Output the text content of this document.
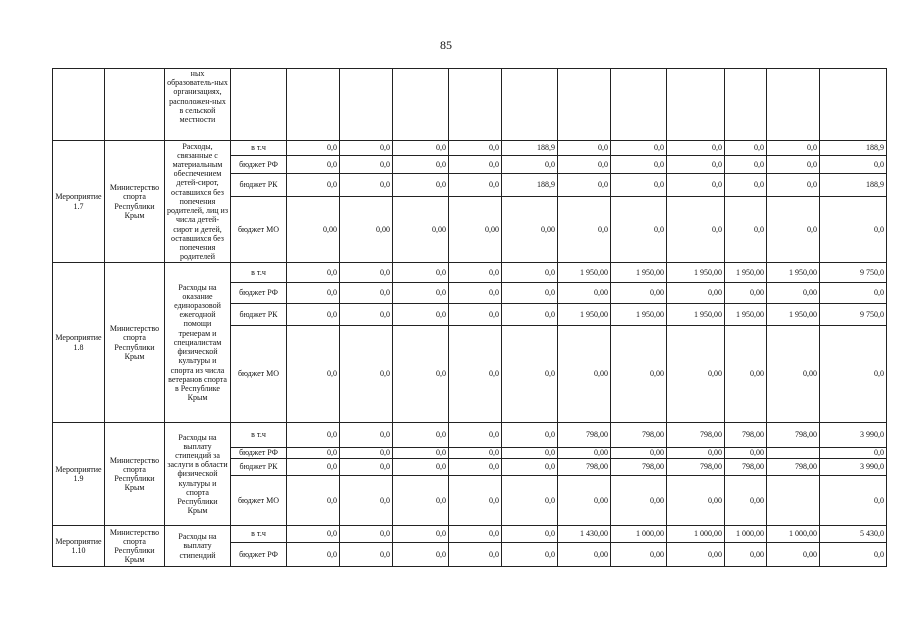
85
		ных образователь-ных организациях, расположен-ных в сельской местности												
Мероприятие 1.7	Министерство спорта Республики Крым	Расходы, связанные с материальным обеспечением детей-сирот, оставшихся без попечения родителей, лиц из числа детей-сирот и детей, оставшихся без попечения родителей	в т.ч	0,0	0,0	0,0	0,0	188,9	0,0	0,0	0,0	0,0	0,0	188,9
			бюджет РФ	0,0	0,0	0,0	0,0	0,0	0,0	0,0	0,0	0,0	0,0	0,0
			бюджет РК	0,0	0,0	0,0	0,0	188,9	0,0	0,0	0,0	0,0	0,0	188,9
			бюджет МО	0,00	0,00	0,00	0,00	0,00	0,0	0,0	0,0	0,0	0,0	0,0
Мероприятие 1.8	Министерство спорта Республики Крым	Расходы на оказание единоразовой ежегодной помощи тренерам и специалистам физической культуры и спорта из числа ветеранов спорта в Республике Крым	в т.ч	0,0	0,0	0,0	0,0	0,0	1 950,00	1 950,00	1 950,00	1 950,00	1 950,00	9 750,0
			бюджет РФ	0,0	0,0	0,0	0,0	0,0	0,00	0,00	0,00	0,00	0,00	0,0
			бюджет РК	0,0	0,0	0,0	0,0	0,0	1 950,00	1 950,00	1 950,00	1 950,00	1 950,00	9 750,0
			бюджет МО	0,0	0,0	0,0	0,0	0,0	0,00	0,00	0,00	0,00	0,00	0,0
Мероприятие 1.9	Министерство спорта Республики Крым	Расходы на выплату стипендий за заслуги в области физической культуры и спорта Республики Крым	в т.ч	0,0	0,0	0,0	0,0	0,0	798,00	798,00	798,00	798,00	798,00	3 990,0
			бюджет РФ	0,0	0,0	0,0	0,0	0,0	0,00	0,00	0,00	0,00		0,0
			бюджет РК	0,0	0,0	0,0	0,0	0,0	798,00	798,00	798,00	798,00	798,00	3 990,0
			бюджет МО	0,0	0,0	0,0	0,0	0,0	0,00	0,00	0,00	0,00		0,0
Мероприятие 1.10	Министерство спорта Республики Крым	Расходы на выплату стипендий	в т.ч	0,0	0,0	0,0	0,0	0,0	1 430,00	1 000,00	1 000,00	1 000,00	1 000,00	5 430,0
			бюджет РФ	0,0	0,0	0,0	0,0	0,0	0,00	0,00	0,00	0,00	0,00	0,0
